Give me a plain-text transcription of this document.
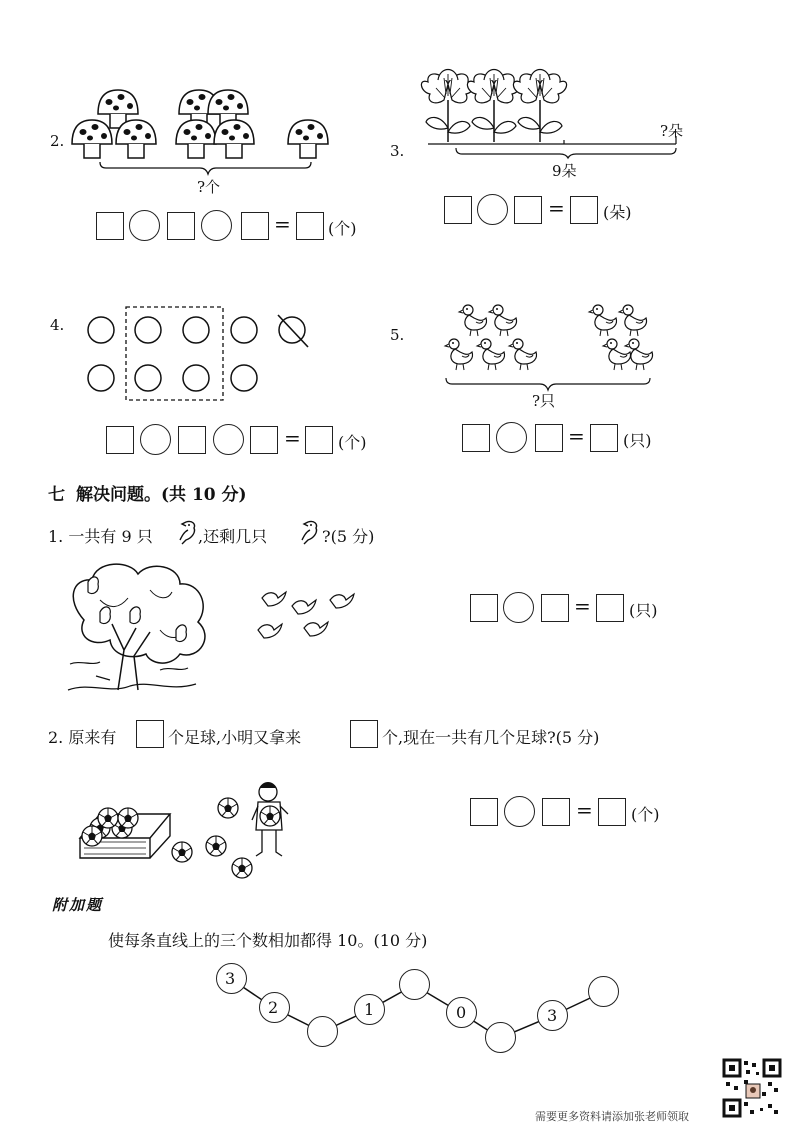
2.
?个
= (个)
3.
?朵
9朵
= (朵)
4.
= (个)
5.
?只
= (只)
七 解决问题。(共 10 分)
1. 一共有 9 只	,还剩几只	?(5 分)
= (只)
2. 原来有	个足球,小明又拿来	个,现在一共有几个足球?(5 分)
= (个)
附加题
使每条直线上的三个数相加都得 10。(10 分)
3
2	1	0	3
需要更多资料请添加张老师领取
